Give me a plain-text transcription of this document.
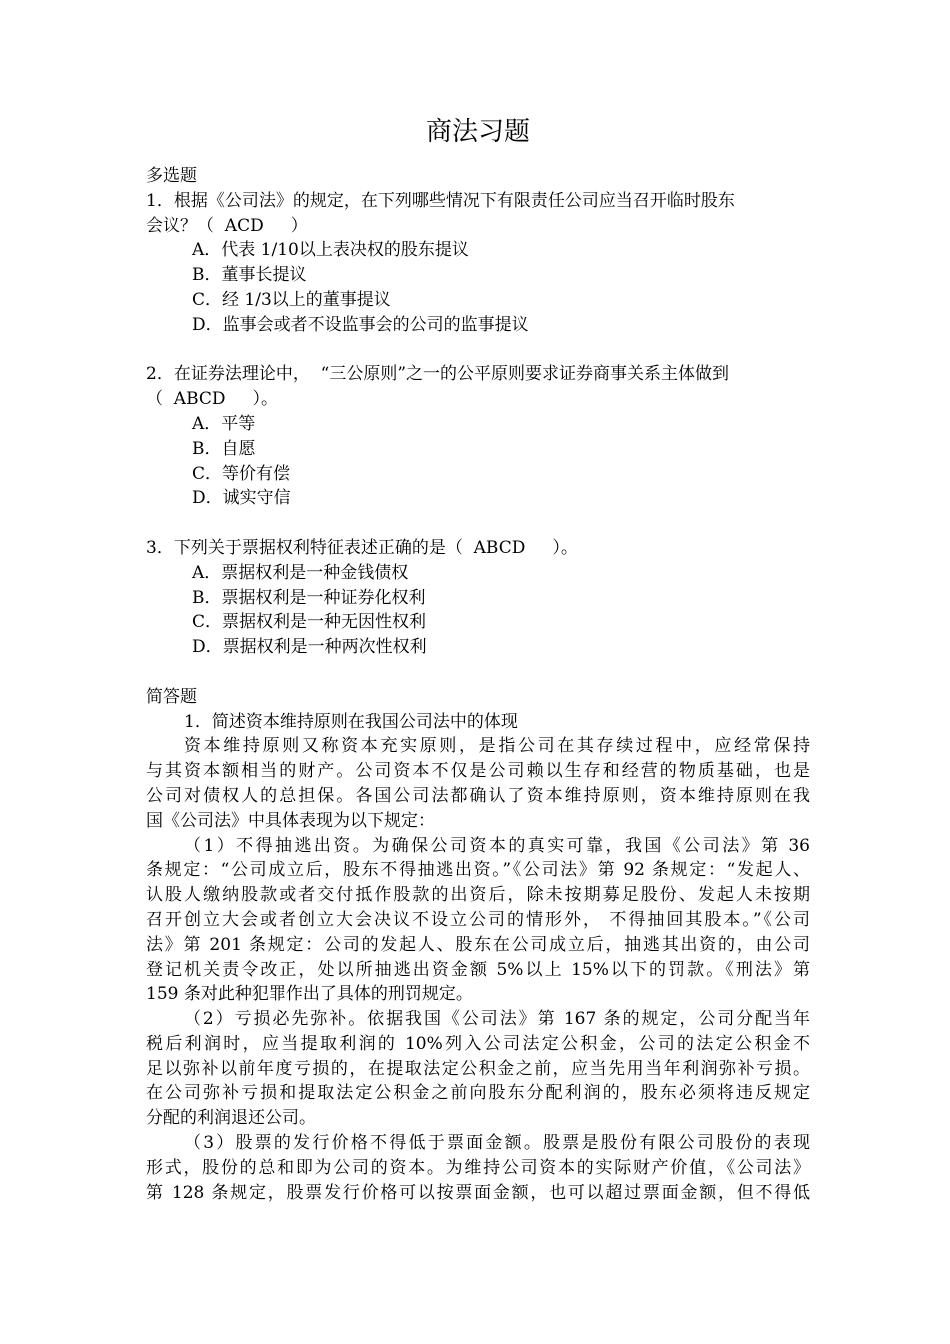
商法习题
多选题
1．根据《公司法》的规定，在下列哪些情况下有限责任公司应当召开临时股东
会议？（  ACD     ）
A．代表 1/10以上表决权的股东提议
B．董事长提议
C．经 1/3以上的董事提议
D．监事会或者不设监事会的公司的监事提议
2．在证券法理论中，  “三公原则”之一的公平原则要求证券商事关系主体做到
（  ABCD     ）。
A．平等
B．自愿
C．等价有偿
D．诚实守信
3．下列关于票据权利特征表述正确的是（  ABCD     ）。
A．票据权利是一种金钱债权
B．票据权利是一种证券化权利
C．票据权利是一种无因性权利
D．票据权利是一种两次性权利
简答题
1．简述资本维持原则在我国公司法中的体现
资本维持原则又称资本充实原则，是指公司在其存续过程中，应经常保持
与其资本额相当的财产。公司资本不仅是公司赖以生存和经营的物质基础，也是
公司对债权人的总担保。各国公司法都确认了资本维持原则，资本维持原则在我
国《公司法》中具体表现为以下规定：
（1）不得抽逃出资。为确保公司资本的真实可靠，我国《公司法》第 36
条规定：“公司成立后，股东不得抽逃出资。”《公司法》第 92 条规定：“发起人、
认股人缴纳股款或者交付抵作股款的出资后，除未按期募足股份、发起人未按期
召开创立大会或者创立大会决议不设立公司的情形外， 不得抽回其股本。”《公司
法》第 201 条规定：公司的发起人、股东在公司成立后，抽逃其出资的，由公司
登记机关责令改正，处以所抽逃出资金额 5%以上 15%以下的罚款。《刑法》第
159 条对此种犯罪作出了具体的刑罚规定。
（2）亏损必先弥补。依据我国《公司法》第 167 条的规定，公司分配当年
税后利润时，应当提取利润的 10%列入公司法定公积金，公司的法定公积金不
足以弥补以前年度亏损的，在提取法定公积金之前，应当先用当年利润弥补亏损。
在公司弥补亏损和提取法定公积金之前向股东分配利润的，股东必须将违反规定
分配的利润退还公司。
（3）股票的发行价格不得低于票面金额。股票是股份有限公司股份的表现
形式，股份的总和即为公司的资本。为维持公司资本的实际财产价值，《公司法》
第 128 条规定，股票发行价格可以按票面金额，也可以超过票面金额，但不得低
